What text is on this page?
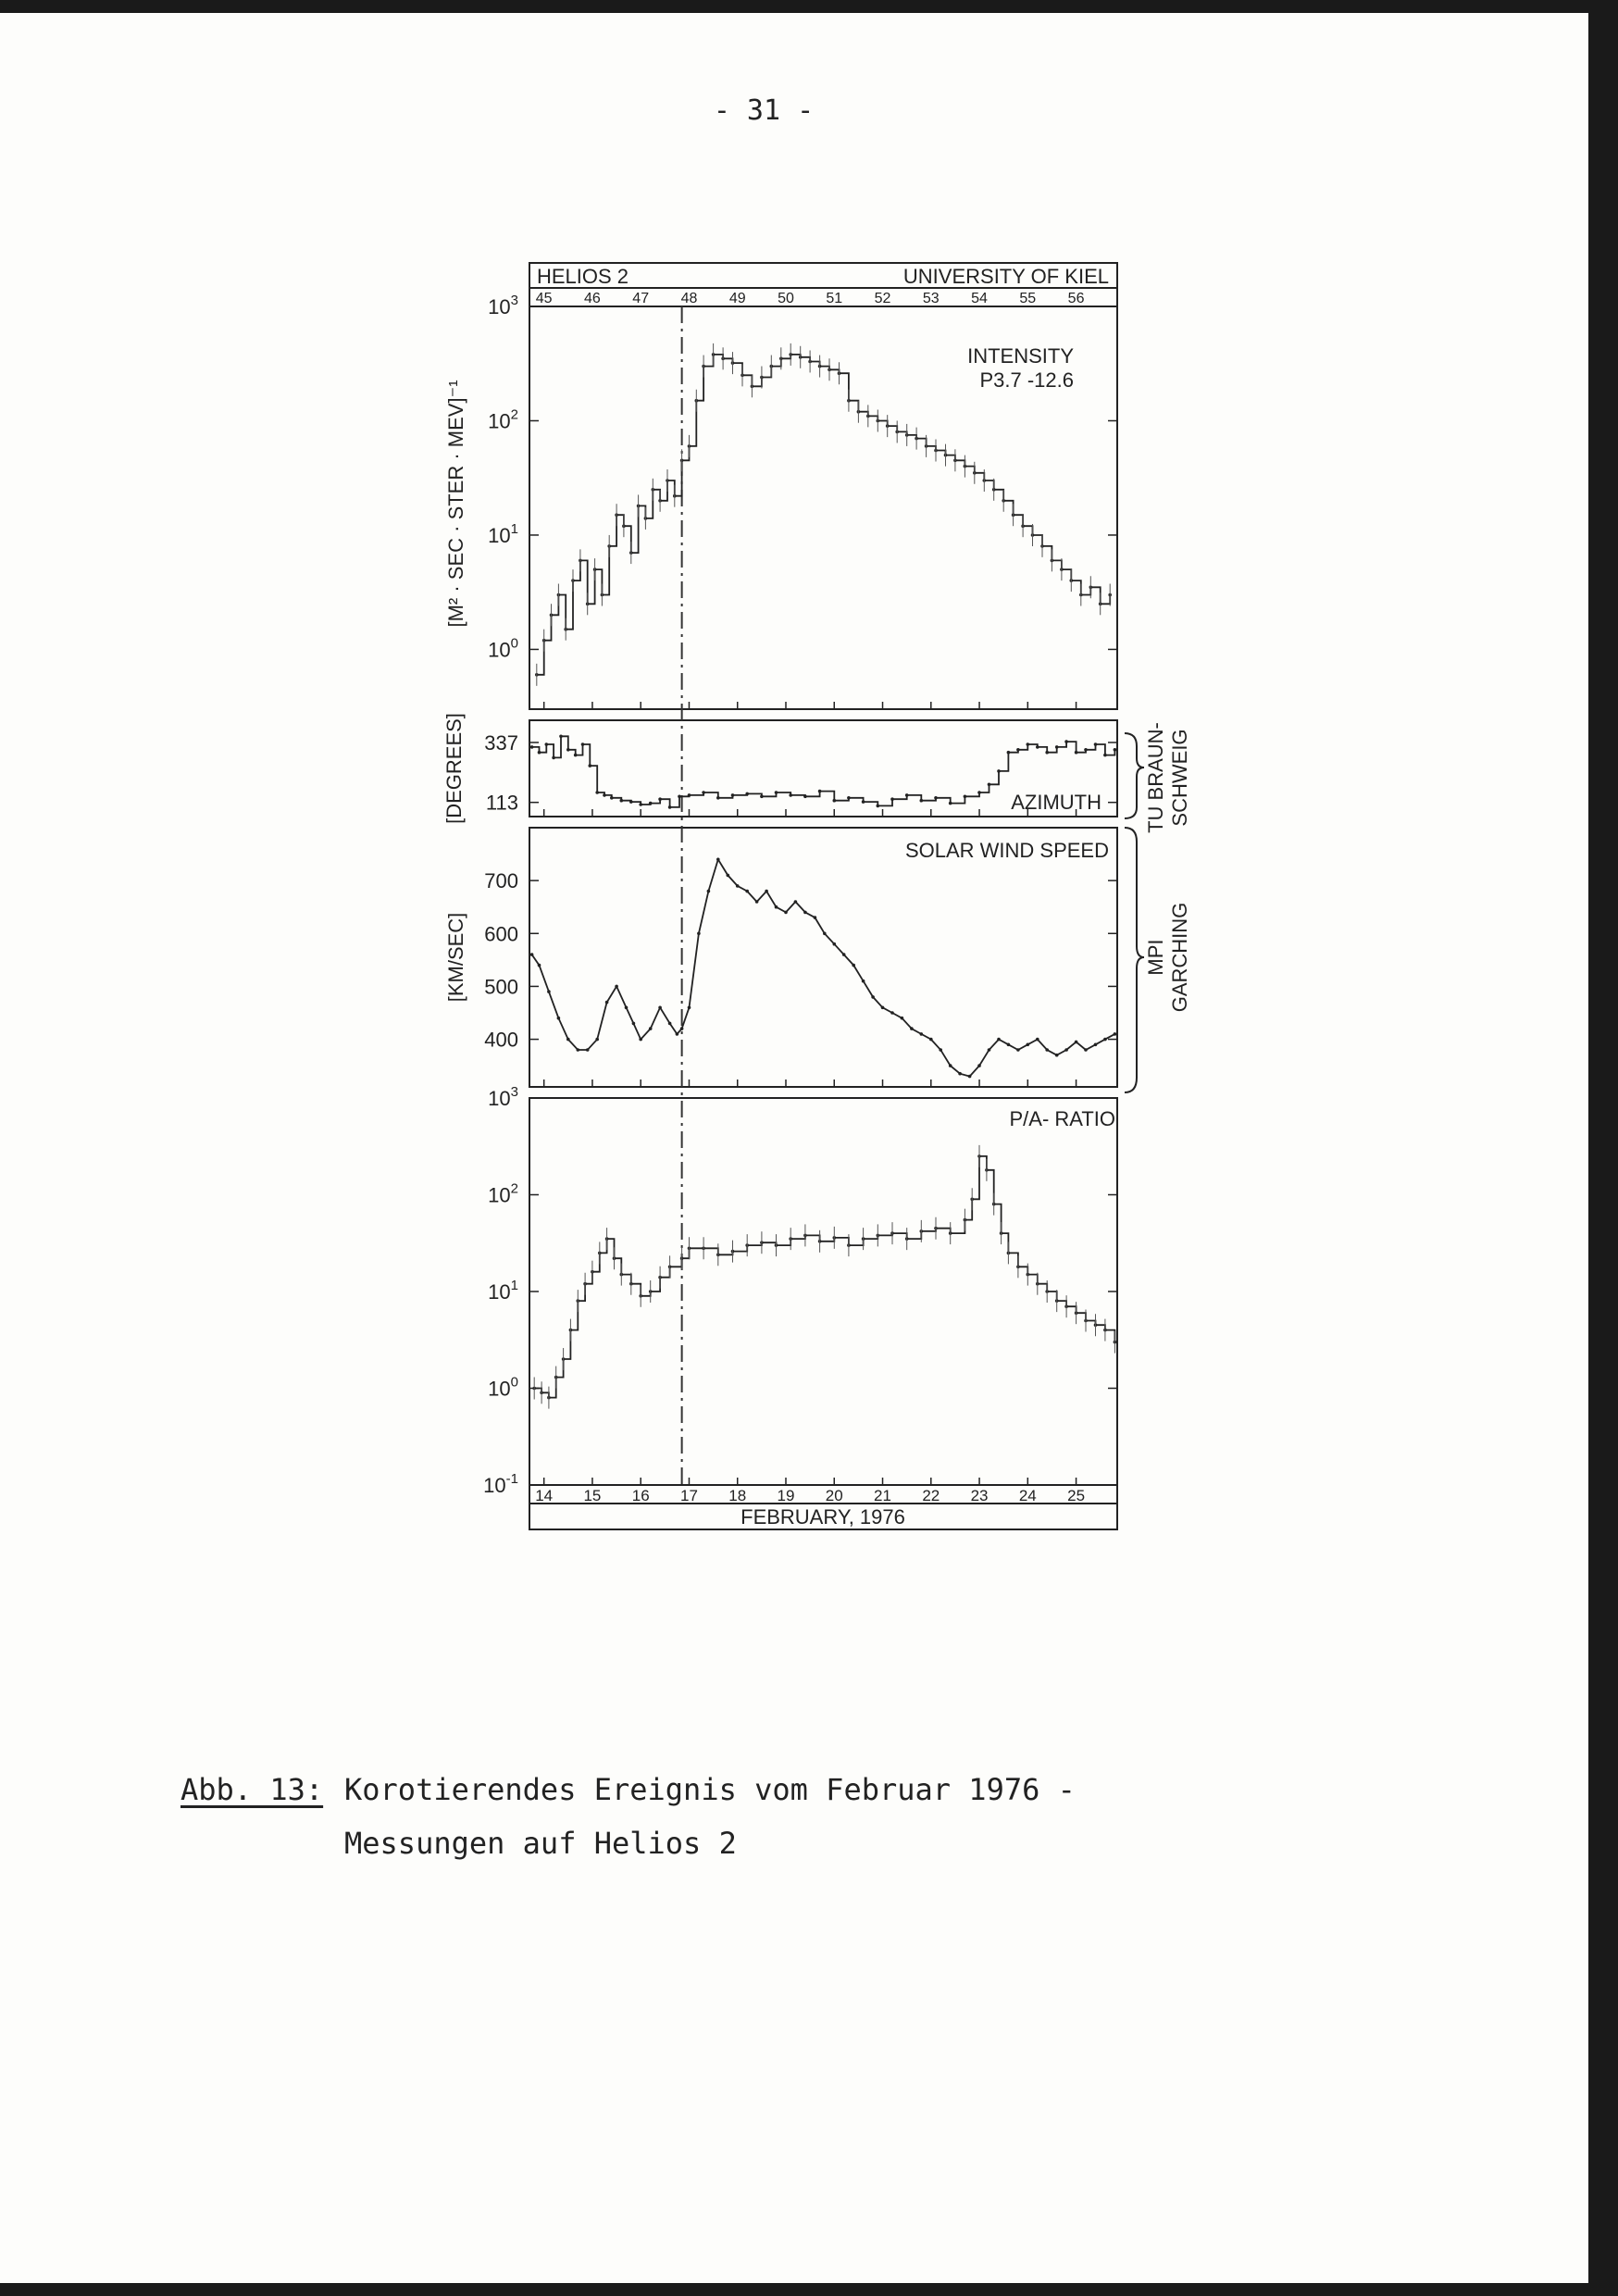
- 31 -
HELIOS 2	UNIVERSITY OF KIEL
45 46 47 48 49 50 51 52 53 54 55 56
FEBRUARY, 1976
14 15 16 17 18 19 20 21 22 23 24 25
$10^0$
$10^1$
$10^2$
$10^3$
337
113
700
600
500
400
$10^{-1}$
$10^0$
$10^1$
$10^2$
$10^3$
INTENSITY
P3.7 -12.6
AZIMUTH
SOLAR WIND SPEED
P/A- RATIO
[M² · SEC · STER · MEV]⁻¹
[DEGREES]
[KM/SEC]
TU BRAUN- SCHWEIG
MPI GARCHING
Abb. 13: Korotierendes Ereignis vom Februar 1976 -
Messungen auf Helios 2
